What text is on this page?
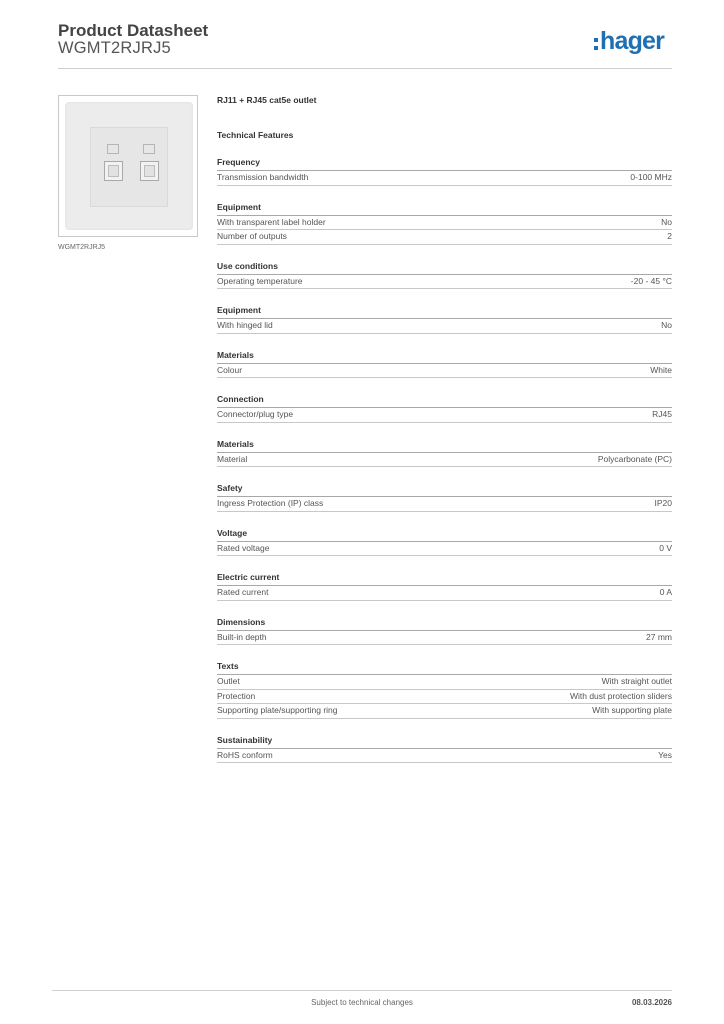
Product Datasheet
WGMT2RJRJ5	hager
WGMT2RJRJ5

RJ11 + RJ45 cat5e outlet

Technical Features
Frequency
Transmission bandwidth	0-100 MHz
Equipment
With transparent label holder	No
Number of outputs	2
Use conditions
Operating temperature	-20 - 45 °C
Equipment
With hinged lid	No
Materials
Colour	White
Connection
Connector/plug type	RJ45
Materials
Material	Polycarbonate (PC)
Safety
Ingress Protection (IP) class	IP20
Voltage
Rated voltage	0 V
Electric current
Rated current	0 A
Dimensions
Built-in depth	27 mm
Texts
Outlet	With straight outlet
Protection	With dust protection sliders
Supporting plate/supporting ring	With supporting plate
Sustainability
RoHS conform	Yes
Subject to technical changes	08.03.2026
